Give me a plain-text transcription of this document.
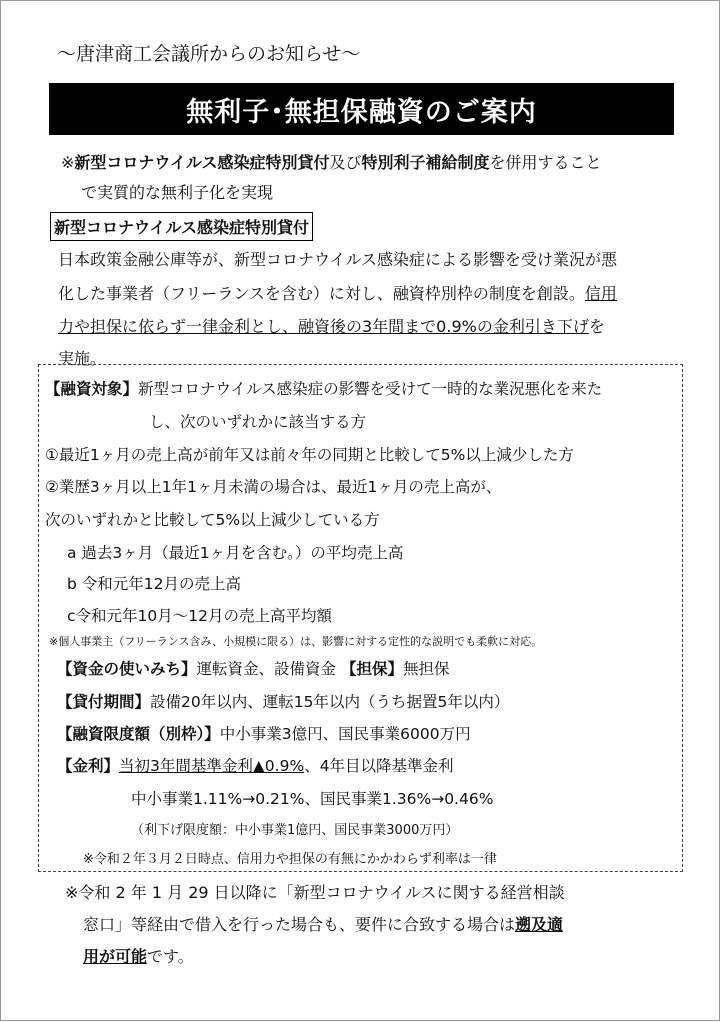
～唐津商工会議所からのお知らせ～
無利子･無担保融資のご案内
※新型コロナウイルス感染症特別貸付及び特別利子補給制度を併用すること
で実質的な無利子化を実現
新型コロナウイルス感染症特別貸付
日本政策金融公庫等が、新型コロナウイルス感染症による影響を受け業況が悪
化した事業者（フリーランスを含む）に対し、融資枠別枠の制度を創設。信用
力や担保に依らず一律金利とし、融資後の3年間まで0.9%の金利引き下げを
実施。
【融資対象】新型コロナウイルス感染症の影響を受けて一時的な業況悪化を来た
し、次のいずれかに該当する方
①最近1ヶ月の売上高が前年又は前々年の同期と比較して5%以上減少した方
②業歴3ヶ月以上1年1ヶ月未満の場合は、最近1ヶ月の売上高が、
次のいずれかと比較して5%以上減少している方
a 過去3ヶ月（最近1ヶ月を含む。）の平均売上高
b 令和元年12月の売上高
c令和元年10月～12月の売上高平均額
※個人事業主（フリーランス含み、小規模に限る）は、影響に対する定性的な説明でも柔軟に対応。
【資金の使いみち】運転資金、設備資金 【担保】無担保
【貸付期間】設備20年以内、運転15年以内（うち据置5年以内）
【融資限度額（別枠）】中小事業3億円、国民事業6000万円
【金利】当初3年間基準金利▲0.9%、4年目以降基準金利
中小事業1.11%→0.21%、国民事業1.36%→0.46%
（利下げ限度額：中小事業1億円、国民事業3000万円）
※令和２年３月２日時点、信用力や担保の有無にかかわらず利率は一律
※令和 2 年 1 月 29 日以降に「新型コロナウイルスに関する経営相談
窓口」等経由で借入を行った場合も、要件に合致する場合は遡及適
用が可能です。
